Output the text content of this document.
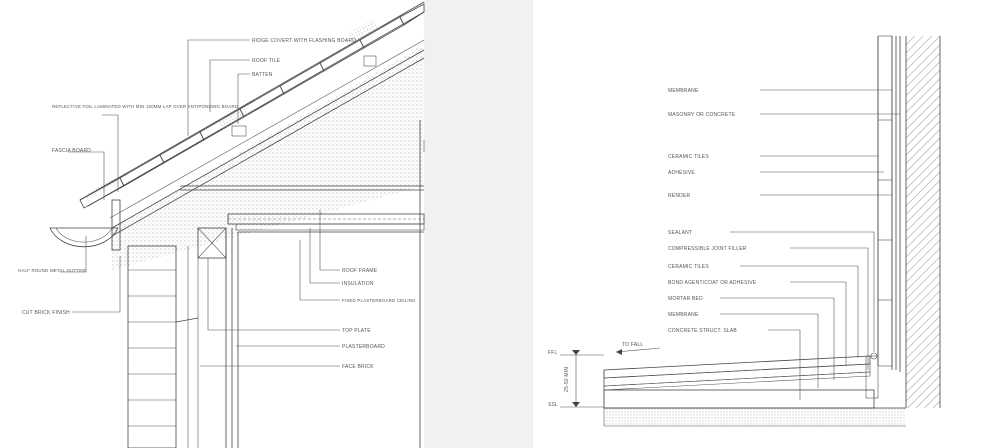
RIDGE COVERT WITH FLASHING BOARD
ROOF TILE
BATTEN
REFLECTIVE FOIL LAMINATED WITH MIN 150MM LAP OVER ANTIPONDING BOARD
FASCIA BOARD
HALF ROUND METAL GUTTER
CUT BRICK FINISH
ROOF FRAME
INSULATION
FIXED PLASTERBOARD CEILING
TOP PLATE
PLASTERBOARD
FACE BRICK
MEMBRANE
MASONRY OR CONCRETE
CERAMIC TILES
ADHESIVE
RENDER
SEALANT
COMPRESSIBLE JOINT FILLER
CERAMIC TILES
BOND AGENT/COAT OR ADHESIVE
MORTAR BED
MEMBRANE
CONCRETE STRUCT. SLAB
TO FALL
FFL
SSL
25-50 MIN
